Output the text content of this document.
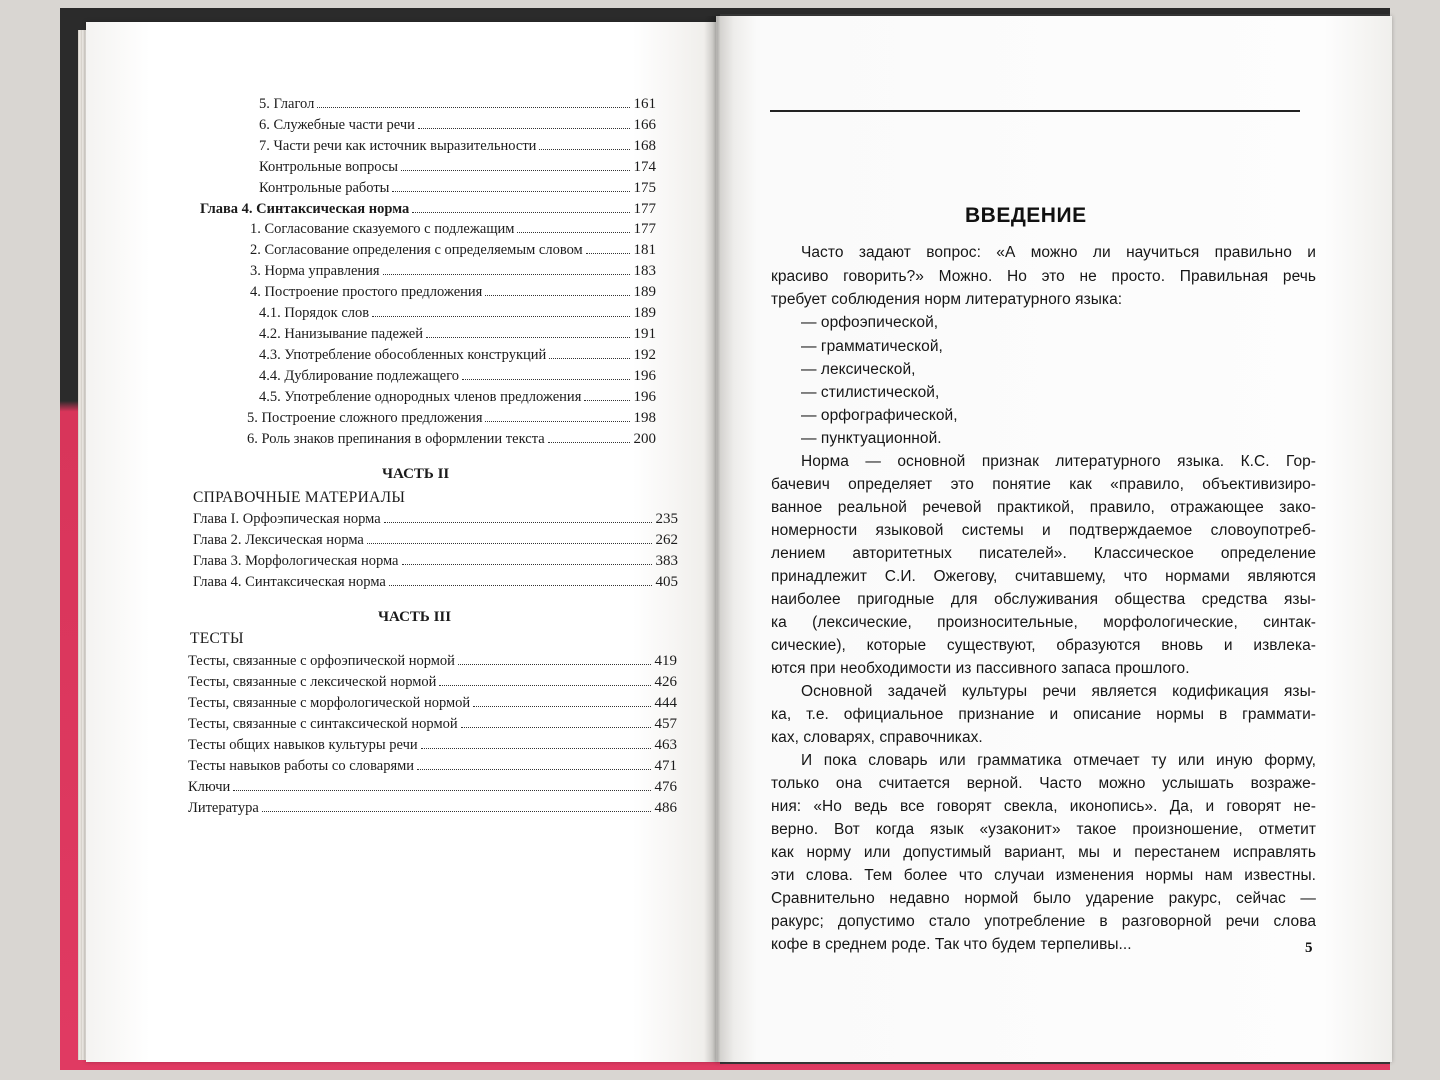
5. Глагол	161
6. Служебные части речи	166
7. Части речи как источник выразительности	168
Контрольные вопросы	174
Контрольные работы	175
Глава 4. Синтаксическая норма	177
1. Согласование сказуемого с подлежащим	177
2. Согласование определения с определяемым словом	181
3. Норма управления	183
4. Построение простого предложения	189
4.1. Порядок слов	189
4.2. Нанизывание падежей	191
4.3. Употребление обособленных конструкций	192
4.4. Дублирование подлежащего	196
4.5. Употребление однородных членов предложения	196
5. Построение сложного предложения	198
6. Роль знаков препинания в оформлении текста	200
ЧАСТЬ II
СПРАВОЧНЫЕ МАТЕРИАЛЫ
Глава I. Орфоэпическая норма	235
Глава 2. Лексическая норма	262
Глава 3. Морфологическая норма	383
Глава 4. Синтаксическая норма	405
ЧАСТЬ III
ТЕСТЫ
Тесты, связанные с орфоэпической нормой	419
Тесты, связанные с лексической нормой	426
Тесты, связанные с морфологической нормой	444
Тесты, связанные с синтаксической нормой	457
Тесты общих навыков культуры речи	463
Тесты навыков работы со словарями	471
Ключи	476
Литература	486
ВВЕДЕНИЕ
Часто задают вопрос: «А можно ли научиться правильно и
красиво говорить?» Можно. Но это не просто. Правильная речь
требует соблюдения норм литературного языка:
— орфоэпической,
— грамматической,
— лексической,
— стилистической,
— орфографической,
— пунктуационной.
Норма — основной признак литературного языка. К.С. Гор-
бачевич определяет это понятие как «правило, объективизиро-
ванное реальной речевой практикой, правило, отражающее зако-
номерности языковой системы и подтверждаемое словоупотреб-
лением авторитетных писателей». Классическое определение
принадлежит С.И. Ожегову, считавшему, что нормами являются
наиболее пригодные для обслуживания общества средства язы-
ка (лексические, произносительные, морфологические, синтак-
сические), которые существуют, образуются вновь и извлека-
ются при необходимости из пассивного запаса прошлого.
Основной задачей культуры речи является кодификация язы-
ка, т.е. официальное признание и описание нормы в граммати-
ках, словарях, справочниках.
И пока словарь или грамматика отмечает ту или иную форму,
только она считается верной. Часто можно услышать возраже-
ния: «Но ведь все говорят свекла, иконопись». Да, и говорят не-
верно. Вот когда язык «узаконит» такое произношение, отметит
как норму или допустимый вариант, мы и перестанем исправлять
эти слова. Тем более что случаи изменения нормы нам известны.
Сравнительно недавно нормой было ударение ракурс, сейчас —
ракурс; допустимо стало употребление в разговорной речи слова
кофе в среднем роде. Так что будем терпеливы...	5
